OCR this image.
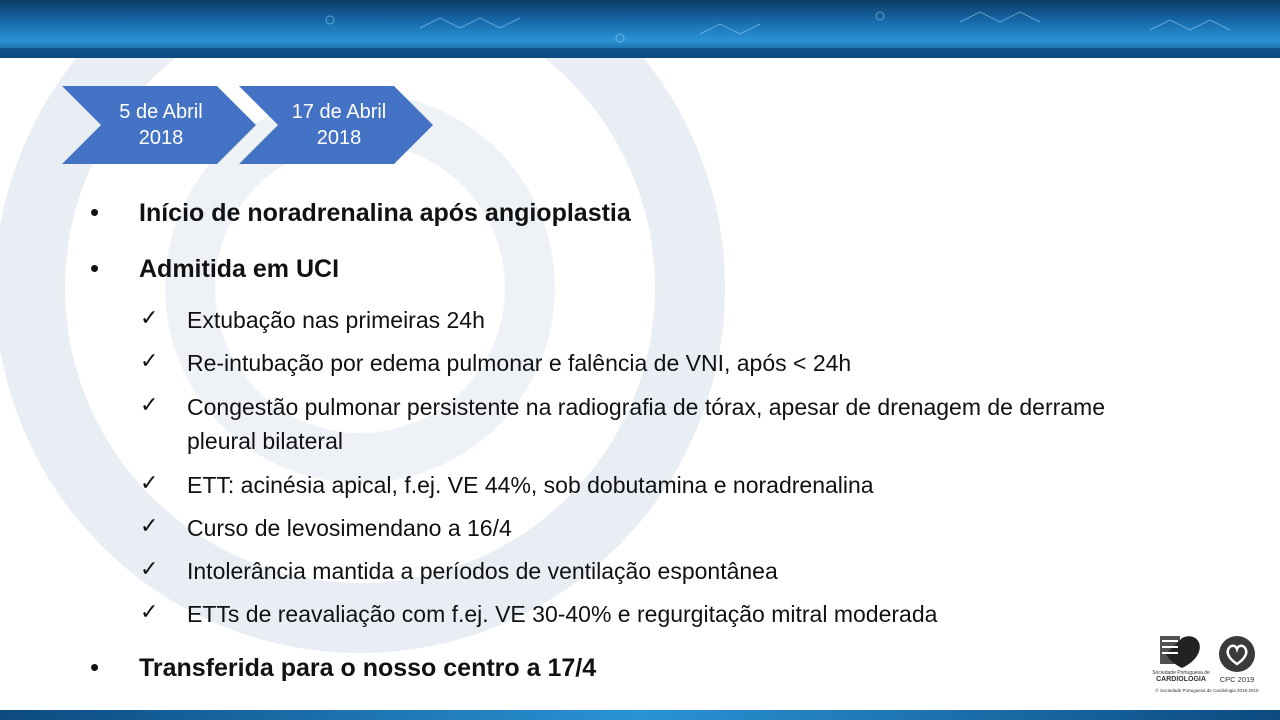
5 de Abril
2018
17 de Abril
2018
• Início de noradrenalina após angioplastia
• Admitida em UCI
✓ Extubação nas primeiras 24h
✓ Re-intubação por edema pulmonar e falência de VNI, após < 24h
✓ Congestão pulmonar persistente na radiografia de tórax, apesar de drenagem de derrame pleural bilateral
✓ ETT: acinésia apical, f.ej. VE 44%, sob dobutamina e noradrenalina
✓ Curso de levosimendano a 16/4
✓ Intolerância mantida a períodos de ventilação espontânea
✓ ETTs de reavaliação com f.ej. VE 30-40% e regurgitação mitral moderada
• Transferida para o nosso centro a 17/4	Sociedade Portuguesa de
CARDIOLOGIA	CPC 2019
© Sociedade Portuguesa de Cardiologia 2018-2019
